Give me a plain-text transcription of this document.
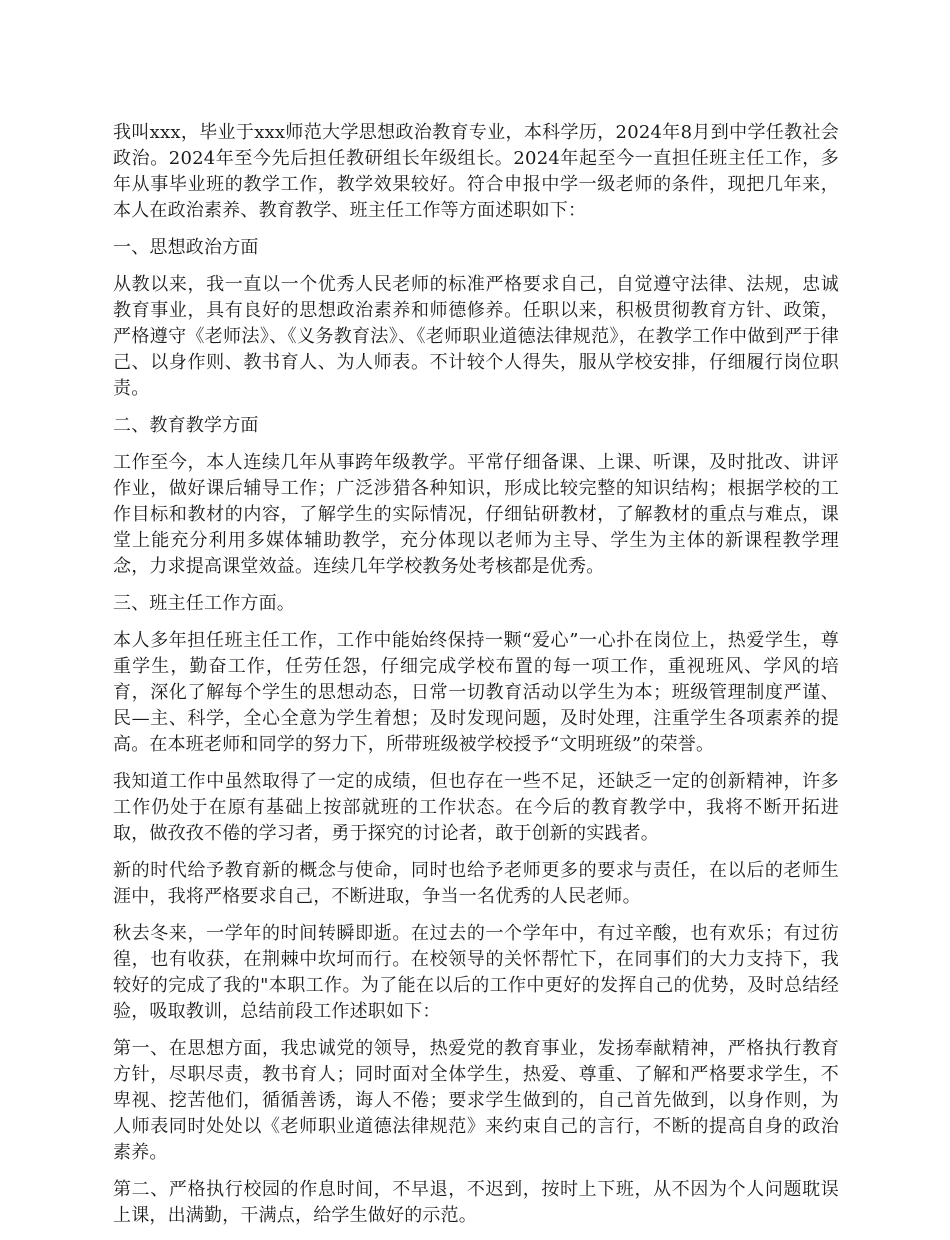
我叫xxx，毕业于xxx师范大学思想政治教育专业，本科学历，2024年8月到中学任教社会政治。2024年至今先后担任教研组长年级组长。2024年起至今一直担任班主任工作，多年从事毕业班的教学工作，教学效果较好。符合申报中学一级老师的条件，现把几年来，本人在政治素养、教育教学、班主任工作等方面述职如下：

一、思想政治方面

从教以来，我一直以一个优秀人民老师的标准严格要求自己，自觉遵守法律、法规，忠诚教育事业，具有良好的思想政治素养和师德修养。任职以来，积极贯彻教育方针、政策，严格遵守《老师法》、《义务教育法》、《老师职业道德法律规范》，在教学工作中做到严于律己、以身作则、教书育人、为人师表。不计较个人得失，服从学校安排，仔细履行岗位职责。

二、教育教学方面

工作至今，本人连续几年从事跨年级教学。平常仔细备课、上课、听课，及时批改、讲评作业，做好课后辅导工作；广泛涉猎各种知识，形成比较完整的知识结构；根据学校的工作目标和教材的内容，了解学生的实际情况，仔细钻研教材，了解教材的重点与难点，课堂上能充分利用多媒体辅助教学，充分体现以老师为主导、学生为主体的新课程教学理念，力求提高课堂效益。连续几年学校教务处考核都是优秀。

三、班主任工作方面。

本人多年担任班主任工作，工作中能始终保持一颗“爱心”一心扑在岗位上，热爱学生，尊重学生，勤奋工作，任劳任怨，仔细完成学校布置的每一项工作，重视班风、学风的培育，深化了解每个学生的思想动态，日常一切教育活动以学生为本；班级管理制度严谨、民—主、科学，全心全意为学生着想；及时发现问题，及时处理，注重学生各项素养的提高。在本班老师和同学的努力下，所带班级被学校授予“文明班级”的荣誉。

我知道工作中虽然取得了一定的成绩，但也存在一些不足，还缺乏一定的创新精神，许多工作仍处于在原有基础上按部就班的工作状态。在今后的教育教学中，我将不断开拓进取，做孜孜不倦的学习者，勇于探究的讨论者，敢于创新的实践者。

新的时代给予教育新的概念与使命，同时也给予老师更多的要求与责任，在以后的老师生涯中，我将严格要求自己，不断进取，争当一名优秀的人民老师。

秋去冬来，一学年的时间转瞬即逝。在过去的一个学年中，有过辛酸，也有欢乐；有过彷徨，也有收获，在荆棘中坎坷而行。在校领导的关怀帮忙下，在同事们的大力支持下，我较好的完成了我的"本职工作。为了能在以后的工作中更好的发挥自己的优势，及时总结经验，吸取教训，总结前段工作述职如下：

第一、在思想方面，我忠诚党的领导，热爱党的教育事业，发扬奉献精神，严格执行教育方针，尽职尽责，教书育人；同时面对全体学生，热爱、尊重、了解和严格要求学生，不卑视、挖苦他们，循循善诱，诲人不倦；要求学生做到的，自己首先做到，以身作则，为人师表同时处处以《老师职业道德法律规范》来约束自己的言行，不断的提高自身的政治素养。

第二、严格执行校园的作息时间，不早退，不迟到，按时上下班，从不因为个人问题耽误上课，出满勤，干满点，给学生做好的示范。
